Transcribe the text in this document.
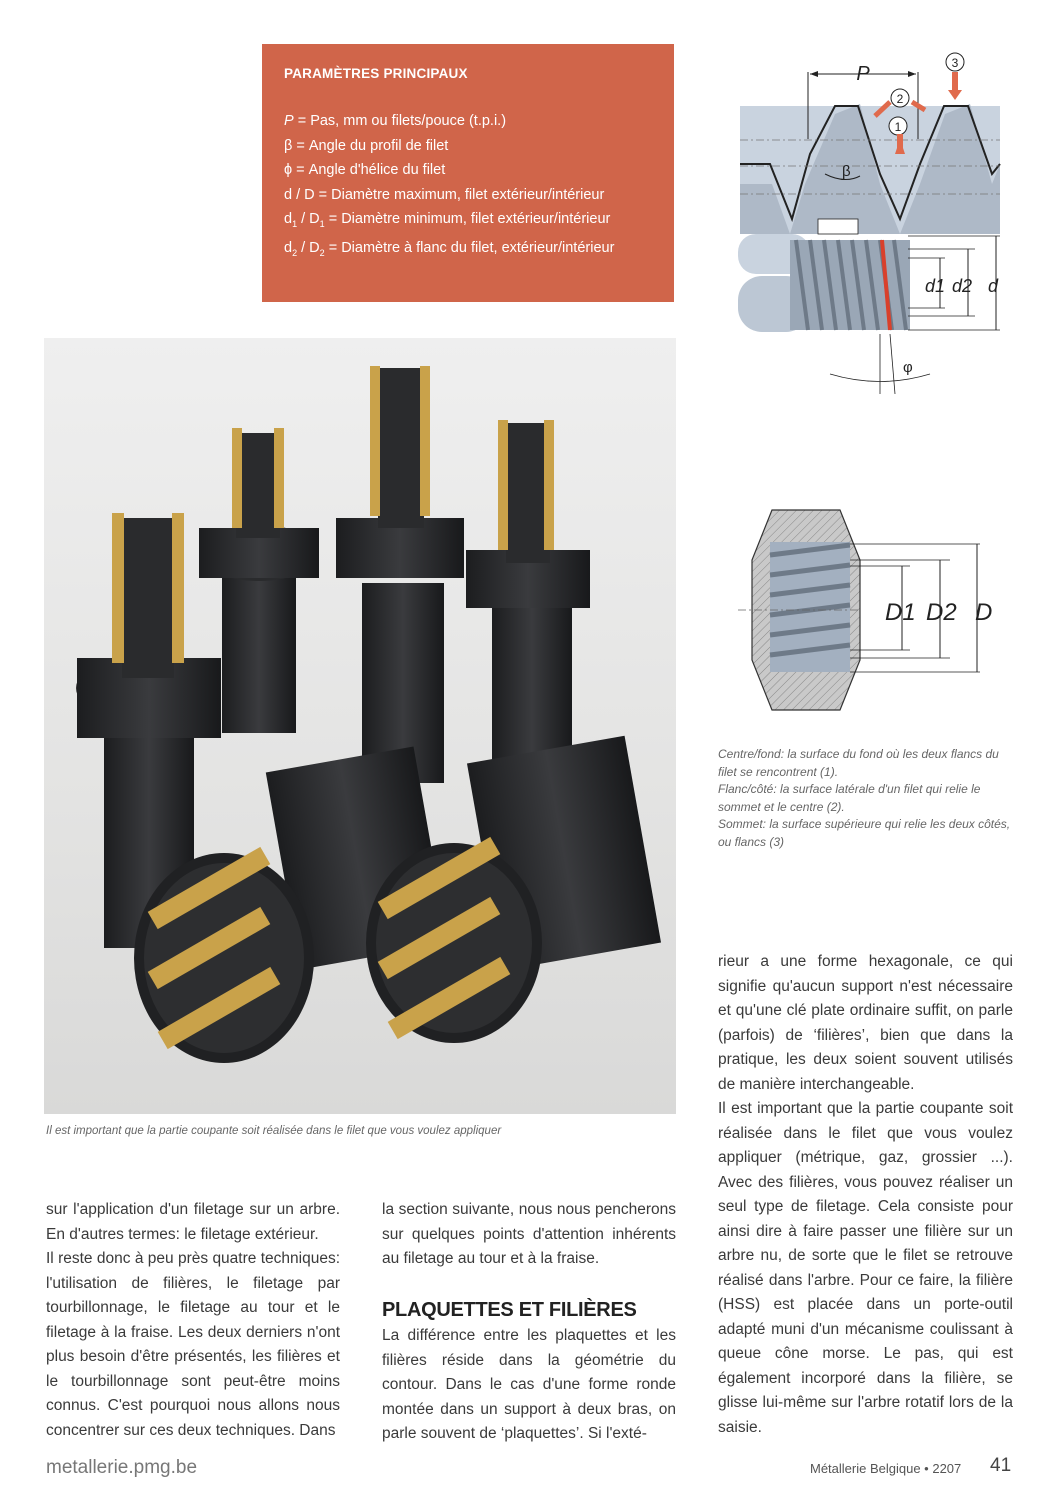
PARAMÈTRES PRINCIPAUX
P = Pas, mm ou filets/pouce (t.p.i.)
β = Angle du profil de filet
ϕ = Angle d'hélice du filet
d / D = Diamètre maximum, filet extérieur/intérieur
$d_1 / D_1$ = Diamètre minimum, filet extérieur/intérieur
$d_2 / D_2$ = Diamètre à flanc du filet, extérieur/intérieur
P
β
1
2
3
d1 d2 d
φ
D1 D2 D
Centre/fond: la surface du fond où les deux flancs du filet se rencontrent (1).
Flanc/côté: la surface latérale d'un filet qui relie le sommet et le centre (2).
Sommet: la surface supérieure qui relie les deux côtés, ou flancs (3)
Il est important que la partie coupante soit réalisée dans le filet que vous voulez appliquer

sur l'application d'un filetage sur un arbre. En d'autres termes: le filetage extérieur.

Il reste donc à peu près quatre techniques: l'utilisation de filières, le filetage par tourbillonnage, le filetage au tour et le filetage à la fraise. Les deux derniers n'ont plus besoin d'être présentés, les filières et le tourbillonnage sont peut-être moins connus. C'est pourquoi nous allons nous concentrer sur ces deux techniques. Dans

la section suivante, nous nous pencherons sur quelques points d'attention inhérents au filetage au tour et à la fraise.

PLAQUETTES ET FILIÈRES

La différence entre les plaquettes et les filières réside dans la géométrie du contour. Dans le cas d'une forme ronde montée dans un support à deux bras, on parle souvent de ‘plaquettes’. Si l'exté-

rieur a une forme hexagonale, ce qui signifie qu'aucun support n'est nécessaire et qu'une clé plate ordinaire suffit, on parle (parfois) de ‘filières’, bien que dans la pratique, les deux soient souvent utilisés de manière interchangeable.

Il est important que la partie coupante soit réalisée dans le filet que vous voulez appliquer (métrique, gaz, grossier ...). Avec des filières, vous pouvez réaliser un seul type de filetage. Cela consiste pour ainsi dire à faire passer une filière sur un arbre nu, de sorte que le filet se retrouve réalisé dans l'arbre. Pour ce faire, la filière (HSS) est placée dans un porte-outil adapté muni d'un mécanisme coulissant à queue cône morse. Le pas, qui est également incorporé dans la filière, se glisse lui-même sur l'arbre rotatif lors de la saisie.

metallerie.pmg.be	Métallerie Belgique • 2207 41
